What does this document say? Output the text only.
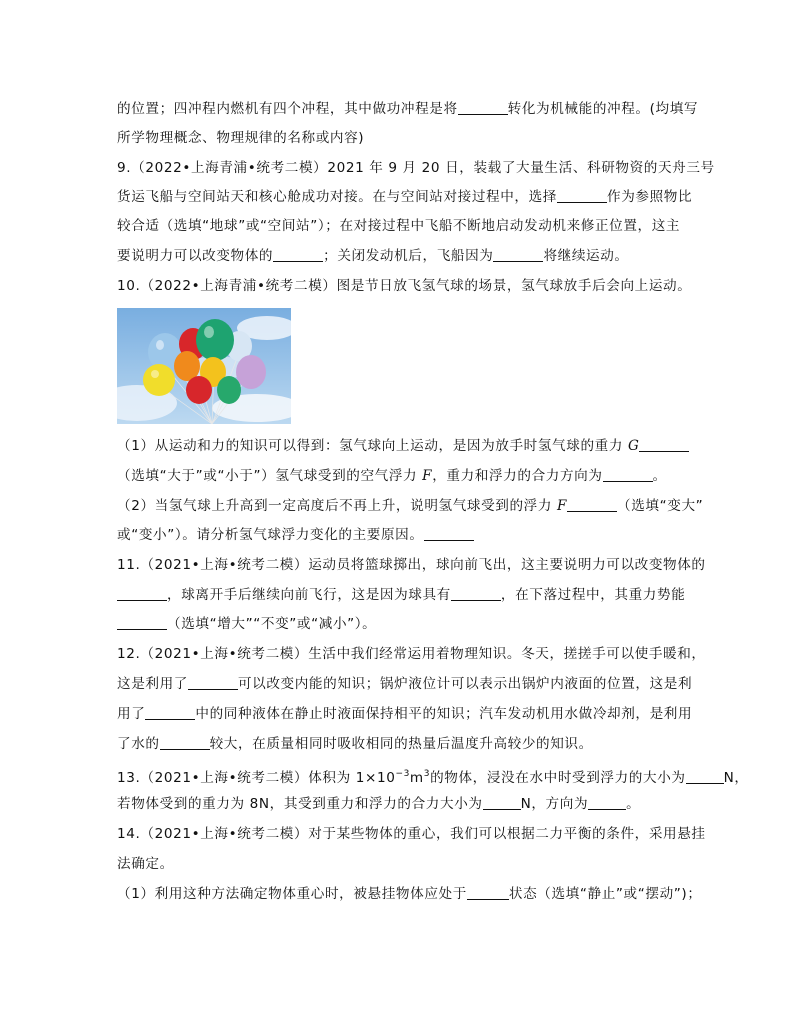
的位置；四冲程内燃机有四个冲程，其中做功冲程是将	转化为机械能的冲程。(均填写
所学物理概念、物理规律的名称或内容)
9.（2022•上海青浦•统考二模）2021 年 9 月 20 日，装载了大量生活、科研物资的天舟三号
货运飞船与空间站天和核心舱成功对接。在与空间站对接过程中，选择	作为参照物比
较合适（选填“地球”或“空间站”）；在对接过程中飞船不断地启动发动机来修正位置，这主
要说明力可以改变物体的	；关闭发动机后，飞船因为	将继续运动。
10.（2022•上海青浦•统考二模）图是节日放飞氢气球的场景，氢气球放手后会向上运动。
（1）从运动和力的知识可以得到：氢气球向上运动，是因为放手时氢气球的重力 G
（选填“大于”或“小于”）氢气球受到的空气浮力 F，重力和浮力的合力方向为	。
（2）当氢气球上升高到一定高度后不再上升，说明氢气球受到的浮力 F	（选填“变大”
或“变小”）。请分析氢气球浮力变化的主要原因。
11.（2021•上海•统考二模）运动员将篮球掷出，球向前飞出，这主要说明力可以改变物体的
，球离开手后继续向前飞行，这是因为球具有	，在下落过程中，其重力势能
（选填“增大”“不变”或“减小”）。
12.（2021•上海•统考二模）生活中我们经常运用着物理知识。冬天，搓搓手可以使手暖和，
这是利用了	可以改变内能的知识；锅炉液位计可以表示出锅炉内液面的位置，这是利
用了	中的同种液体在静止时液面保持相平的知识；汽车发动机用水做冷却剂，是利用
了水的	较大，在质量相同时吸收相同的热量后温度升高较少的知识。
13.（2021•上海•统考二模）体积为 $1\times 10^{-3}m^3$的物体，浸没在水中时受到浮力的大小为	N，
若物体受到的重力为 8N，其受到重力和浮力的合力大小为	N，方向为	。
14.（2021•上海•统考二模）对于某些物体的重心，我们可以根据二力平衡的条件，采用悬挂
法确定。
（1）利用这种方法确定物体重心时，被悬挂物体应处于	状态（选填“静止”或“摆动”)；
